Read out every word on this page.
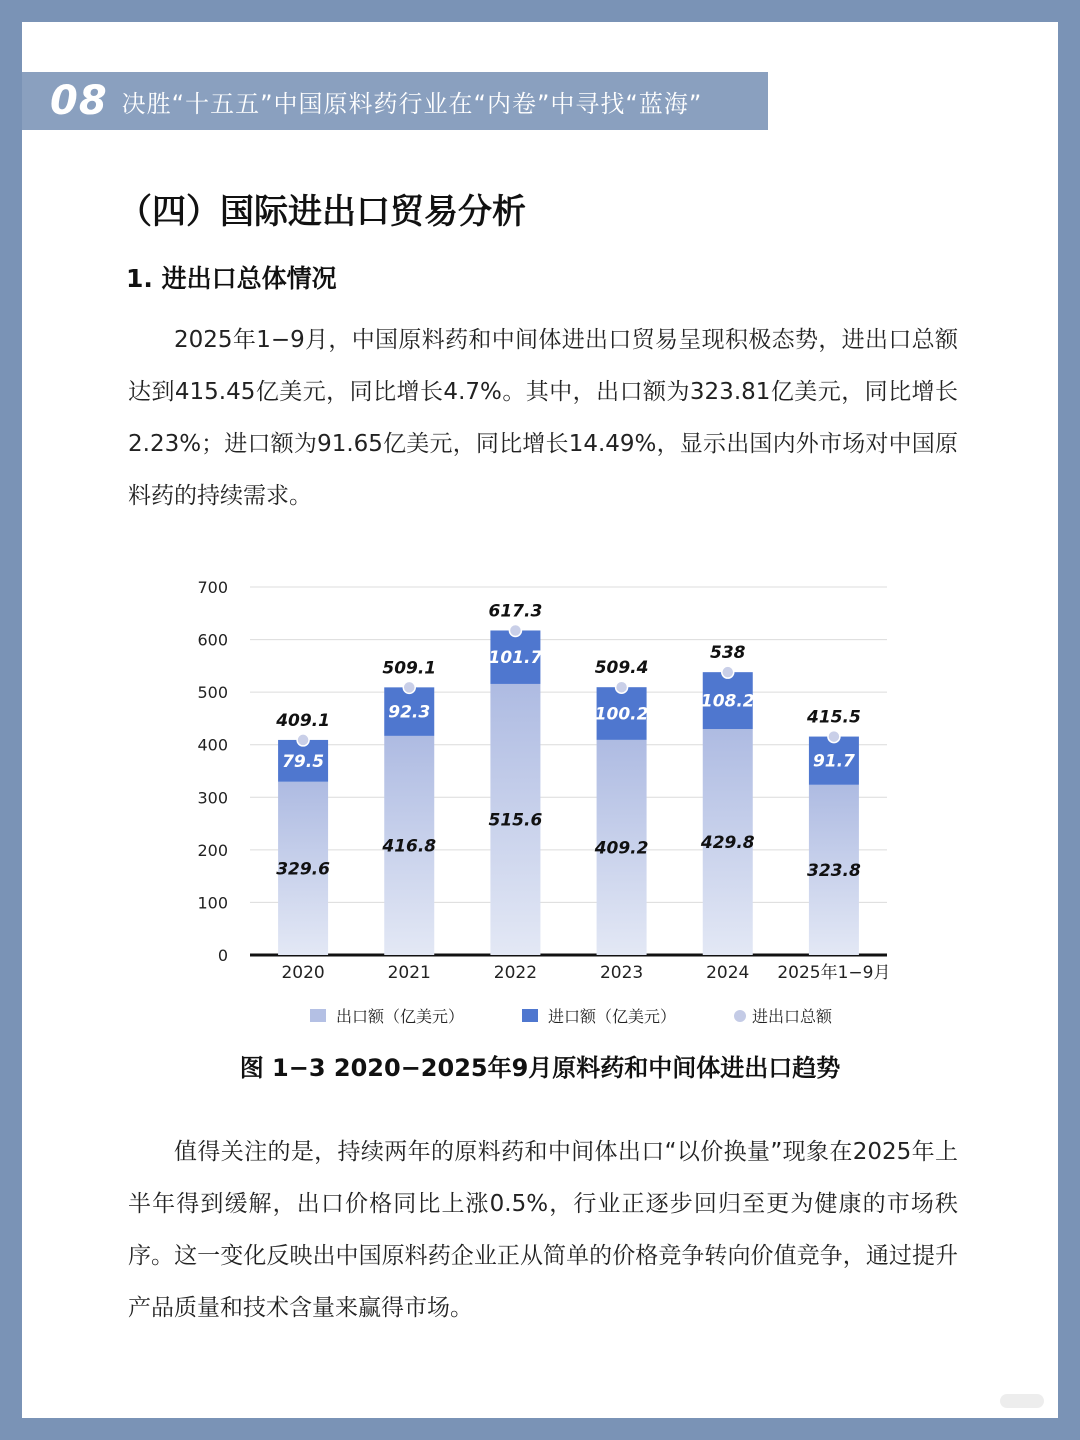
08 决胜“十五五”中国原料药行业在“内卷”中寻找“蓝海”
（四）国际进出口贸易分析
1. 进出口总体情况

2025年1−9月，中国原料药和中间体进出口贸易呈现积极态势，进出口总额达到415.45亿美元，同比增长4.7%。其中，出口额为323.81亿美元，同比增长2.23%；进口额为91.65亿美元，同比增长14.49%，显示出国内外市场对中国原料药的持续需求。

0
100
200
300
400
500
600
700
329.6
79.5
409.1
2020
416.8
92.3
509.1
2021
515.6
101.7
617.3
2022
409.2
100.2
509.4
2023
429.8
108.2
538
2024
323.8
91.7
415.5
2025年1−9月
出口额（亿美元）	进口额（亿美元）	进出口总额
图 1−3 2020−2025年9月原料药和中间体进出口趋势

值得关注的是，持续两年的原料药和中间体出口“以价换量”现象在2025年上半年得到缓解，出口价格同比上涨0.5%，行业正逐步回归至更为健康的市场秩序。这一变化反映出中国原料药企业正从简单的价格竞争转向价值竞争，通过提升产品质量和技术含量来赢得市场。
